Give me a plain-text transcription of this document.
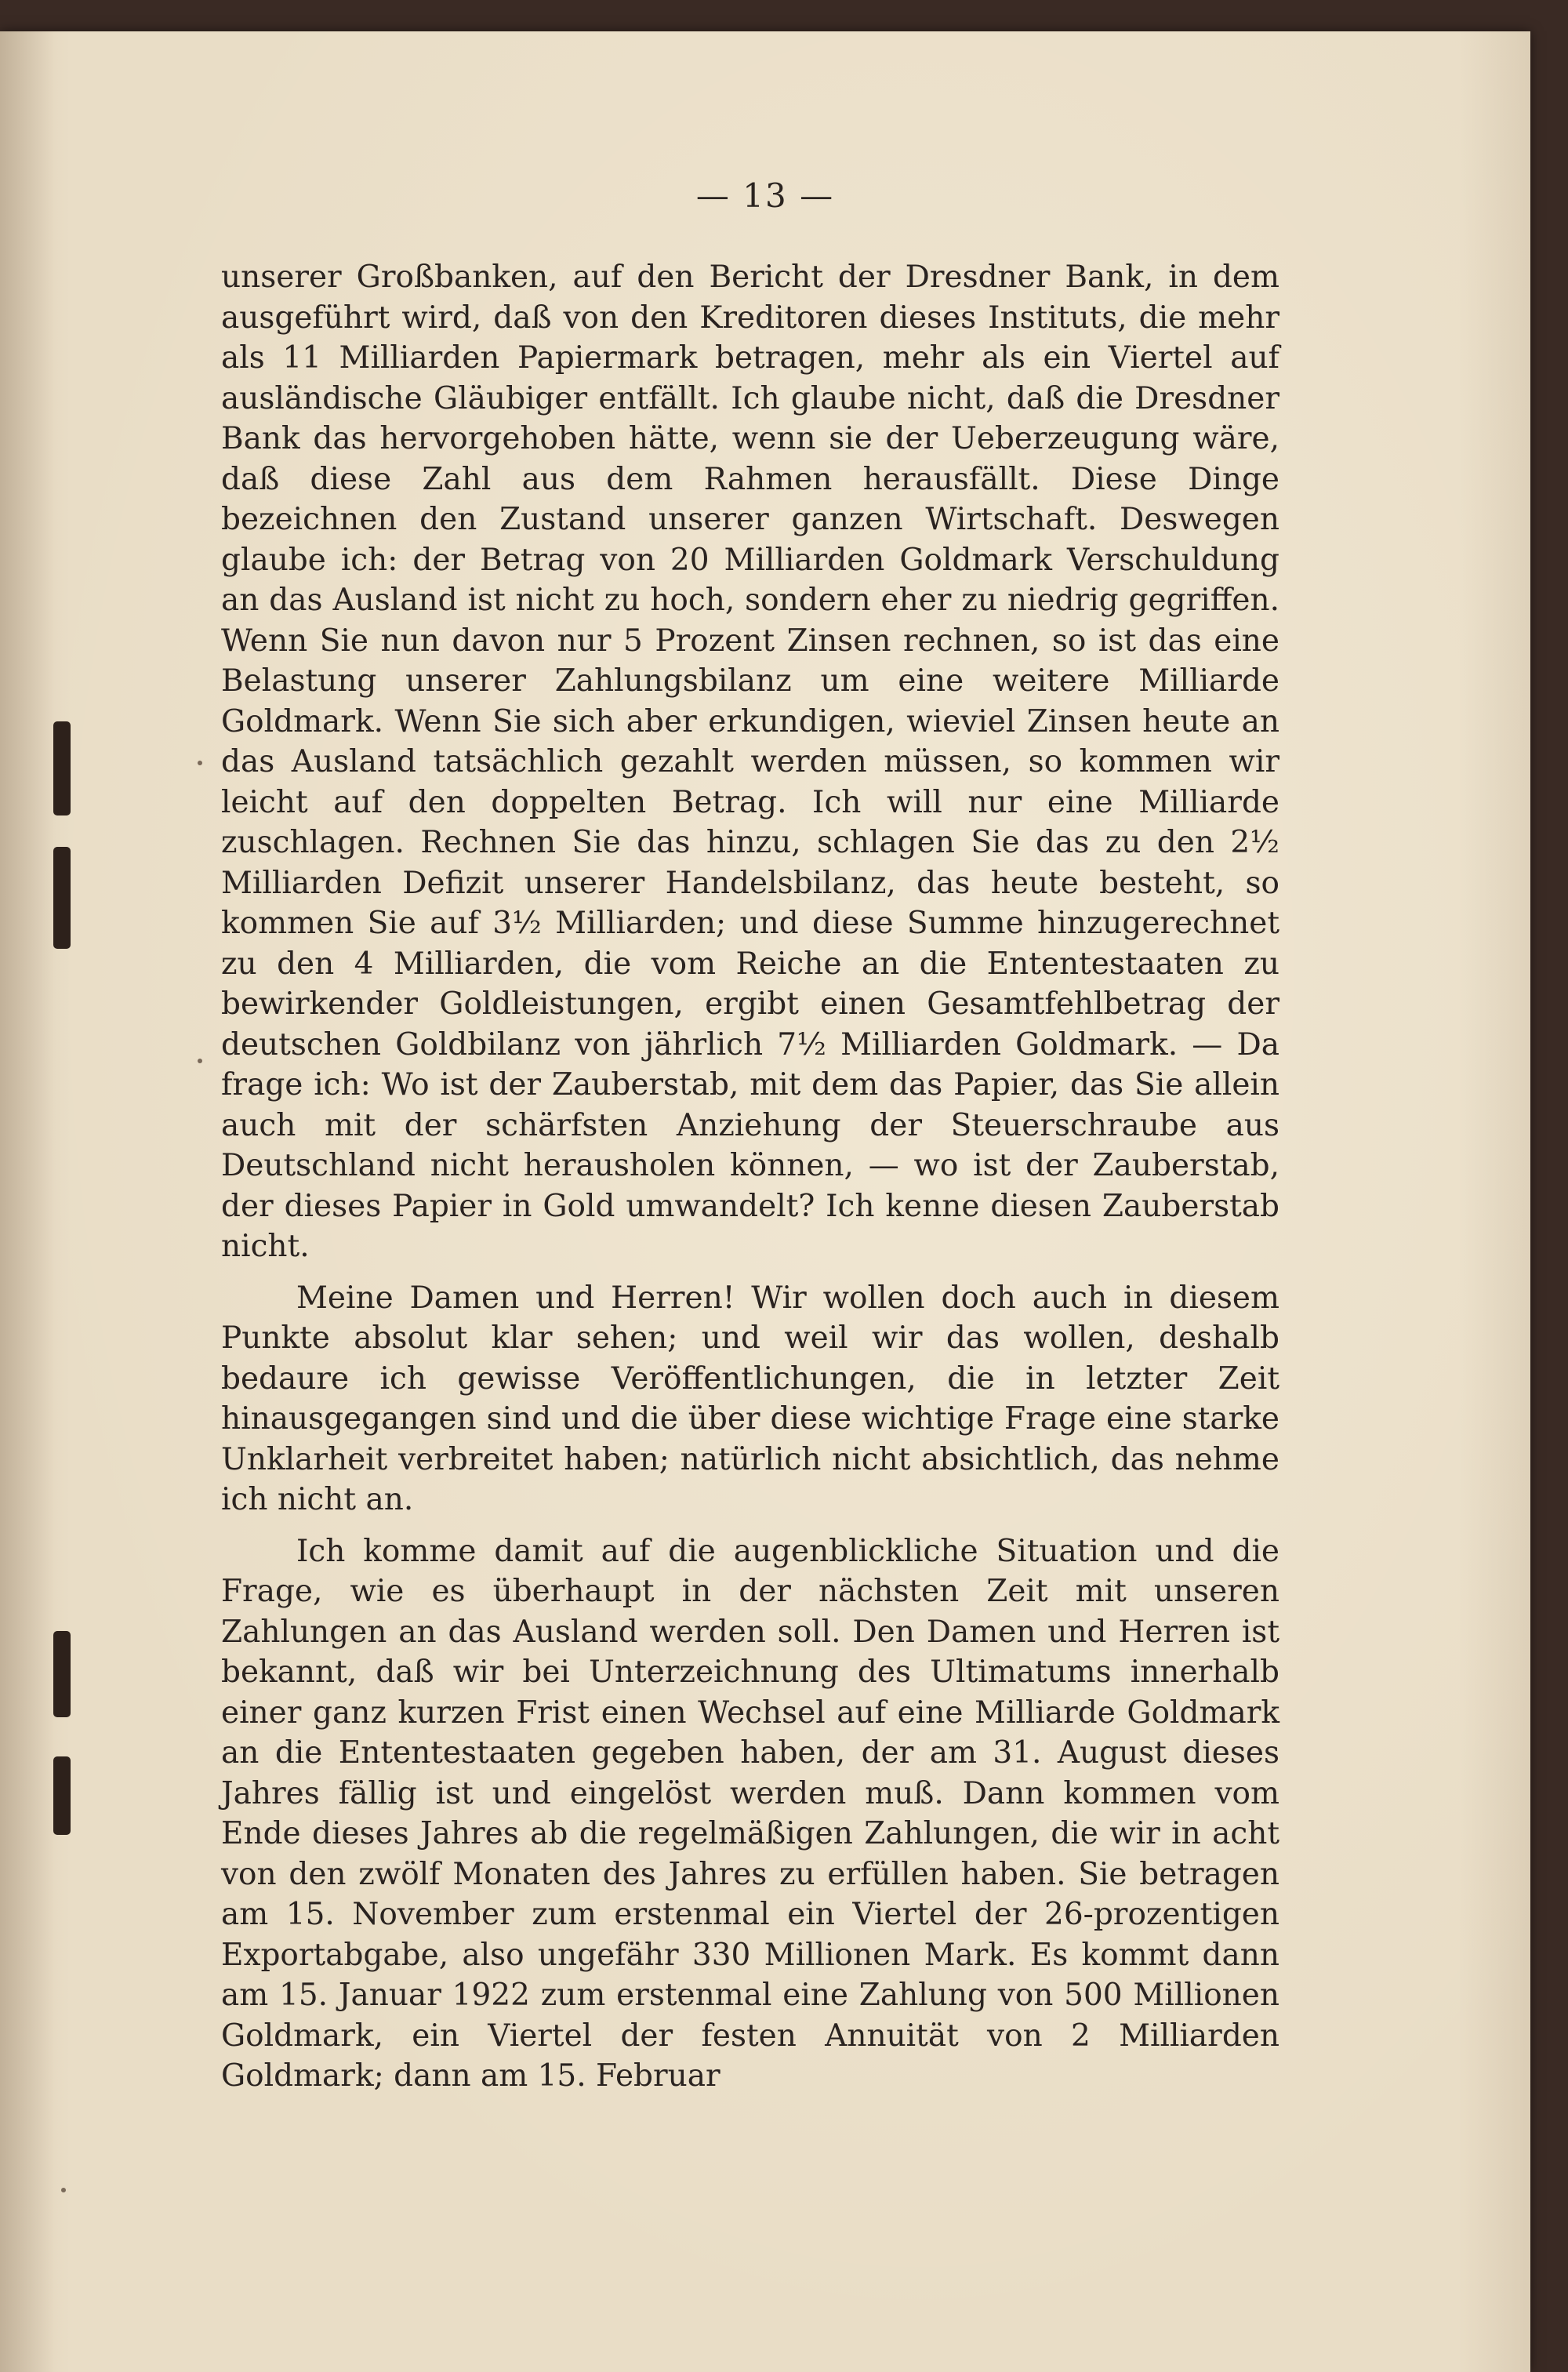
— 13 —

unserer Großbanken, auf den Bericht der Dresdner Bank, in dem ausgeführt wird, daß von den Kreditoren dieses Instituts, die mehr als 11 Milliarden Papiermark betragen, mehr als ein Viertel auf ausländische Gläubiger entfällt. Ich glaube nicht, daß die Dresdner Bank das hervorgehoben hätte, wenn sie der Ueberzeugung wäre, daß diese Zahl aus dem Rahmen herausfällt. Diese Dinge bezeichnen den Zustand unserer ganzen Wirtschaft. Deswegen glaube ich: der Betrag von 20 Milliarden Goldmark Verschuldung an das Ausland ist nicht zu hoch, sondern eher zu niedrig gegriffen. Wenn Sie nun davon nur 5 Prozent Zinsen rechnen, so ist das eine Belastung unserer Zahlungsbilanz um eine weitere Milliarde Goldmark. Wenn Sie sich aber erkundigen, wieviel Zinsen heute an das Ausland tatsächlich gezahlt werden müssen, so kommen wir leicht auf den doppelten Betrag. Ich will nur eine Milliarde zuschlagen. Rechnen Sie das hinzu, schlagen Sie das zu den 2½ Milliarden Defizit unserer Handelsbilanz, das heute besteht, so kommen Sie auf 3½ Milliarden; und diese Summe hinzugerechnet zu den 4 Milliarden, die vom Reiche an die Ententestaaten zu bewirkender Goldleistungen, ergibt einen Gesamtfehlbetrag der deutschen Goldbilanz von jährlich 7½ Milliarden Goldmark. — Da frage ich: Wo ist der Zauberstab, mit dem das Papier, das Sie allein auch mit der schärfsten Anziehung der Steuerschraube aus Deutschland nicht herausholen können, — wo ist der Zauberstab, der dieses Papier in Gold umwandelt? Ich kenne diesen Zauberstab nicht.

Meine Damen und Herren! Wir wollen doch auch in diesem Punkte absolut klar sehen; und weil wir das wollen, deshalb bedaure ich gewisse Veröffentlichungen, die in letzter Zeit hinausgegangen sind und die über diese wichtige Frage eine starke Unklarheit verbreitet haben; natürlich nicht absichtlich, das nehme ich nicht an.

Ich komme damit auf die augenblickliche Situation und die Frage, wie es überhaupt in der nächsten Zeit mit unseren Zahlungen an das Ausland werden soll. Den Damen und Herren ist bekannt, daß wir bei Unterzeichnung des Ultimatums innerhalb einer ganz kurzen Frist einen Wechsel auf eine Milliarde Goldmark an die Ententestaaten gegeben haben, der am 31. August dieses Jahres fällig ist und eingelöst werden muß. Dann kommen vom Ende dieses Jahres ab die regelmäßigen Zahlungen, die wir in acht von den zwölf Monaten des Jahres zu erfüllen haben. Sie betragen am 15. November zum erstenmal ein Viertel der 26-prozentigen Exportabgabe, also ungefähr 330 Millionen Mark. Es kommt dann am 15. Januar 1922 zum erstenmal eine Zahlung von 500 Millionen Goldmark, ein Viertel der festen Annuität von 2 Milliarden Goldmark; dann am 15. Februar
